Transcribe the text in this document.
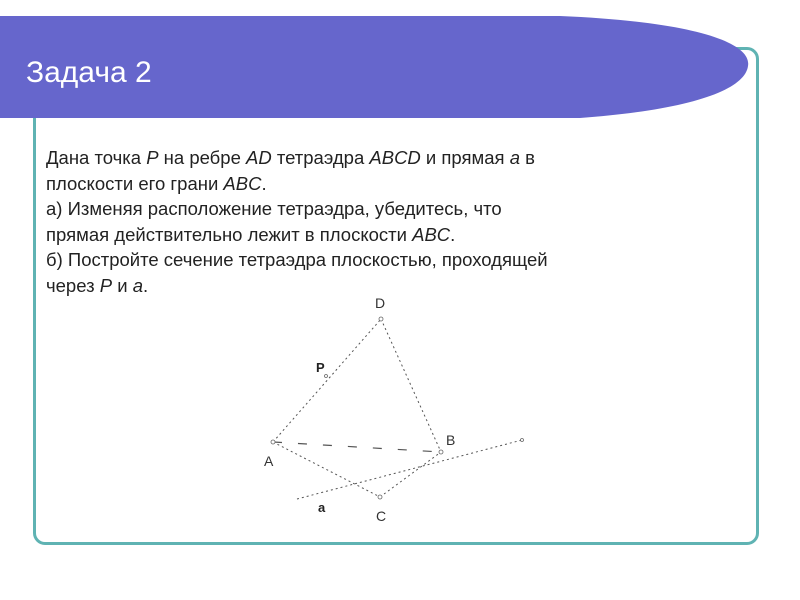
Задача 2

Дана точка P на ребре AD тетраэдра ABCD и прямая a в

плоскости его грани ABC.

а) Изменяя расположение тетраэдра, убедитесь, что

прямая действительно лежит в плоскости ABC.

б) Постройте сечение тетраэдра плоскостью, проходящей

через P и a.

D
A
B
C
P
a
